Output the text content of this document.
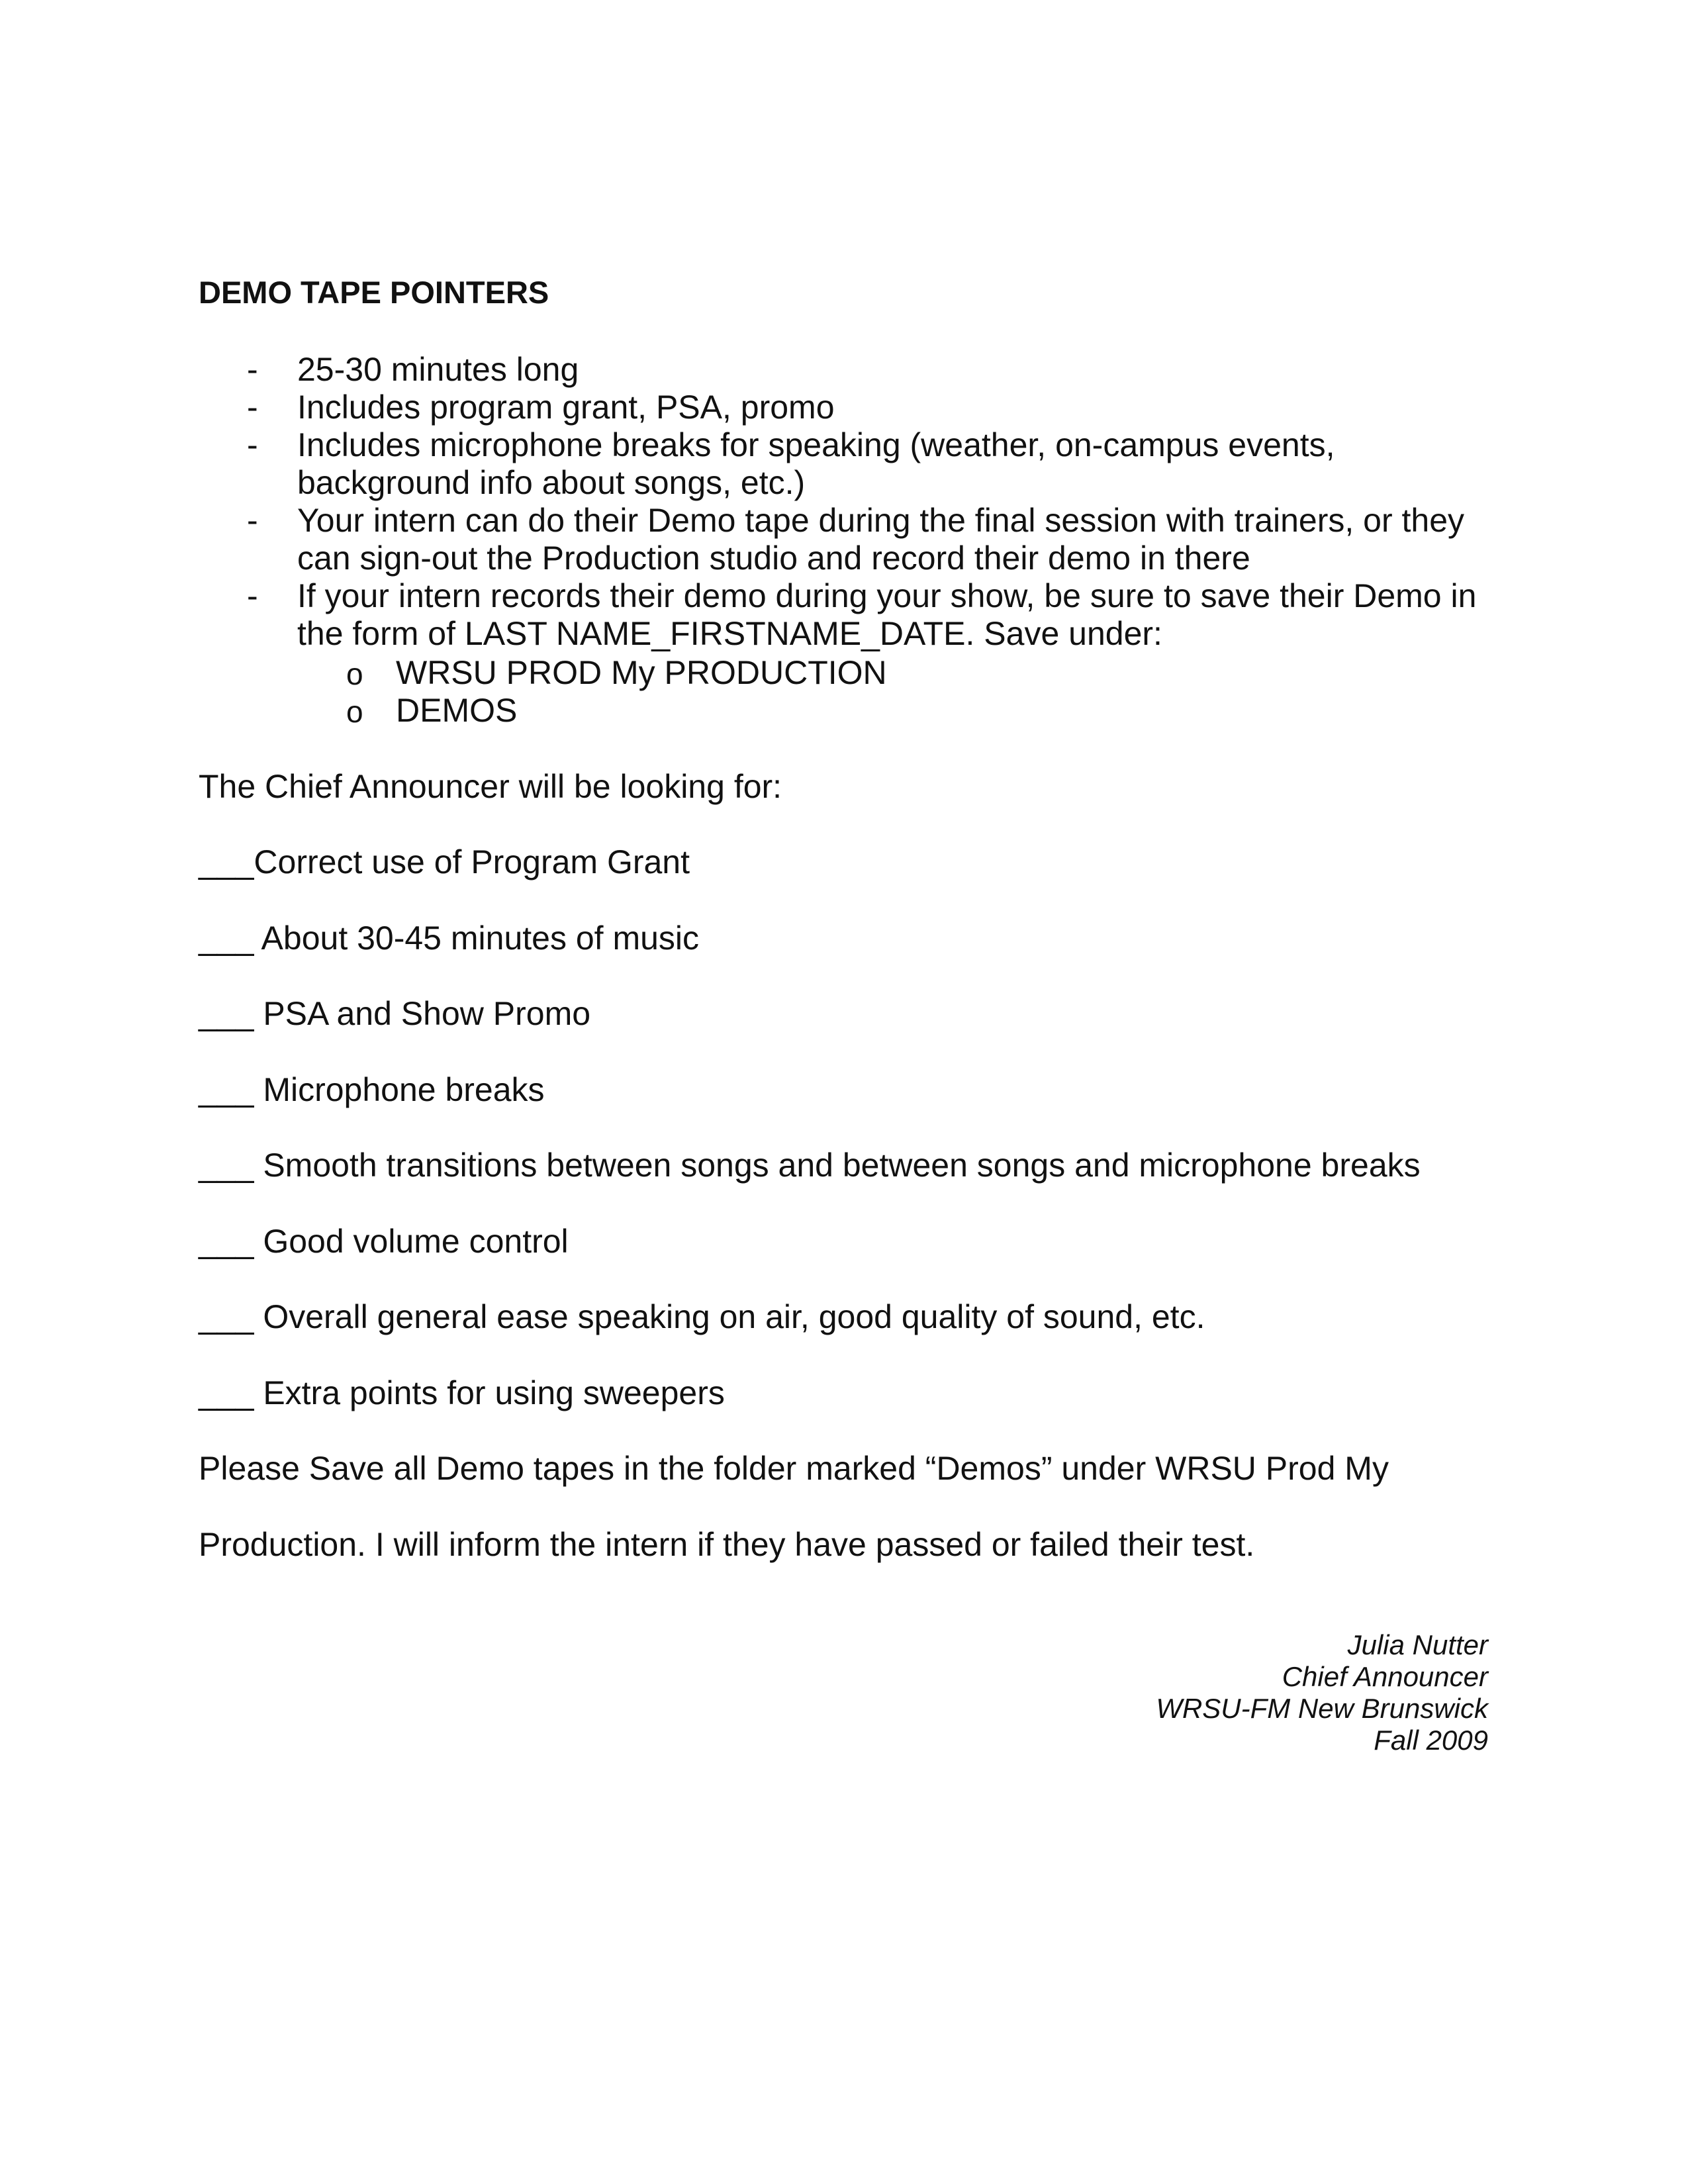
DEMO TAPE POINTERS
- 25-30 minutes long
- Includes program grant, PSA, promo
- Includes microphone breaks for speaking (weather, on-campus events,
background info about songs, etc.)
- Your intern can do their Demo tape during the final session with trainers, or they
can sign-out the Production studio and record their demo in there
- If your intern records their demo during your show, be sure to save their Demo in
the form of LAST NAME_FIRSTNAME_DATE. Save under:
o WRSU PROD My PRODUCTION
o DEMOS
The Chief Announcer will be looking for:
___Correct use of Program Grant
___ About 30-45 minutes of music
___ PSA and Show Promo
___ Microphone breaks
___ Smooth transitions between songs and between songs and microphone breaks
___ Good volume control
___ Overall general ease speaking on air, good quality of sound, etc.
___ Extra points for using sweepers
Please Save all Demo tapes in the folder marked “Demos” under WRSU Prod My
Production. I will inform the intern if they have passed or failed their test.
Julia Nutter
Chief Announcer
WRSU-FM New Brunswick
Fall 2009
